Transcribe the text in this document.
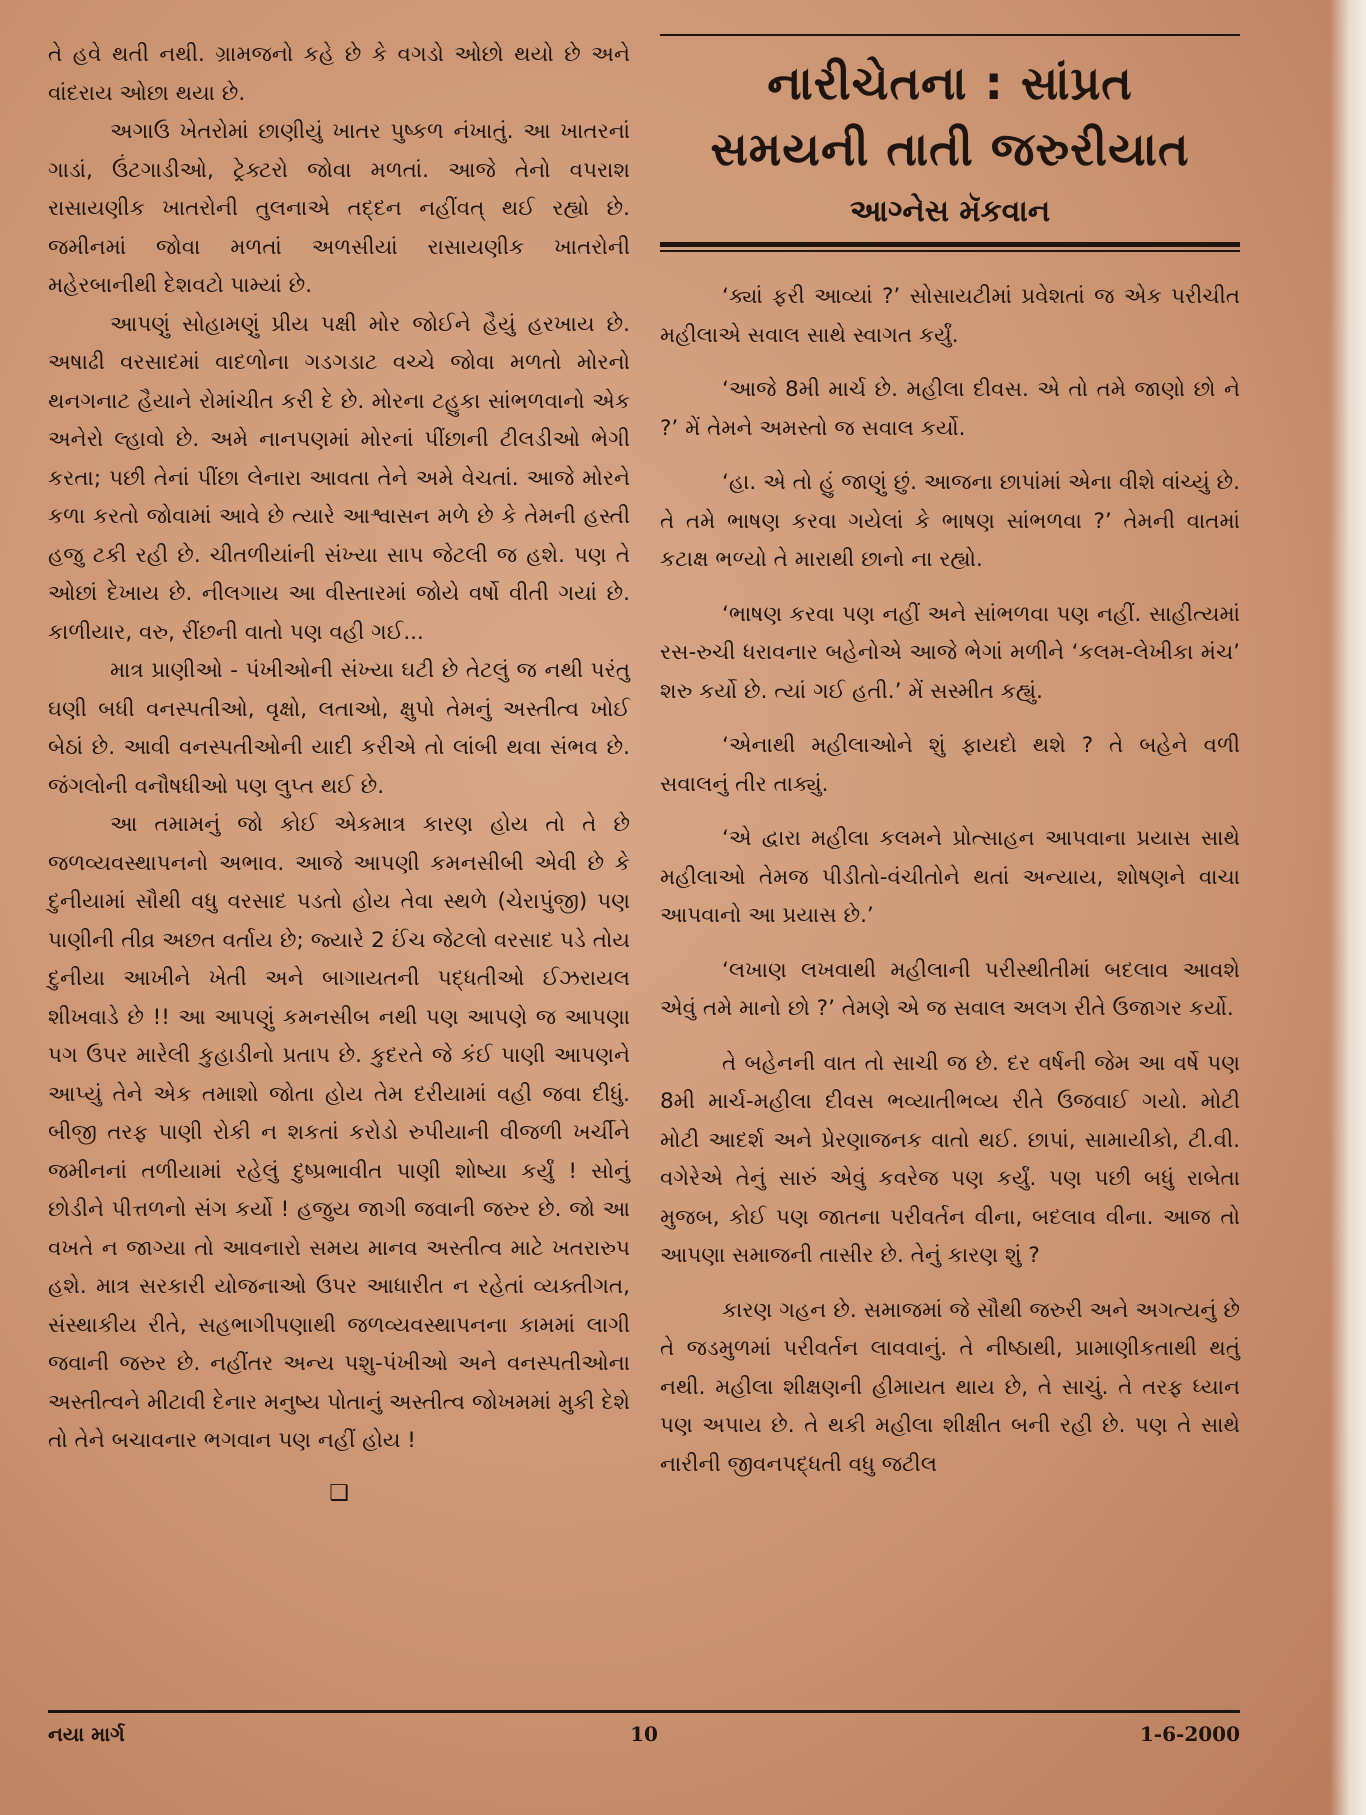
તે હવે થતી નથી. ગ્રામજનો કહે છે કે વગડો ઓછો થયો છે અને વાંદરાય ઓછા થયા છે.

અગાઉ ખેતરોમાં છાણીયું ખાતર પુષ્કળ નંખાતું. આ ખાતરનાં ગાડાં, ઉંટગાડીઓ, ટ્રેક્ટરો જોવા મળતાં. આજે તેનો વપરાશ રાસાયણીક ખાતરોની તુલનાએ તદ્દન નહીંવત્ થઈ રહ્યો છે. જમીનમાં જોવા મળતાં અળસીયાં રાસાયણીક ખાતરોની મહેરબાનીથી દેશવટો પામ્યાં છે.

આપણું સોહામણું પ્રીય પક્ષી મોર જોઈને હૈયું હરખાય છે. અષાઢી વરસાદમાં વાદળોના ગડગડાટ વચ્ચે જોવા મળતો મોરનો થનગનાટ હૈયાને રોમાંચીત કરી દે છે. મોરના ટહુકા સાંભળવાનો એક અનેરો લ્હાવો છે. અમે નાનપણમાં મોરનાં પીંછાની ટીલડીઓ ભેગી કરતા; પછી તેનાં પીંછા લેનારા આવતા તેને અમે વેચતાં. આજે મોરને કળા કરતો જોવામાં આવે છે ત્યારે આશ્વાસન મળે છે કે તેમની હસ્તી હજુ ટકી રહી છે. ચીતળીયાંની સંખ્યા સાપ જેટલી જ હશે. પણ તે ઓછાં દેખાય છે. નીલગાય આ વીસ્તારમાં જોયે વર્ષો વીતી ગયાં છે. કાળીયાર, વરુ, રીંછની વાતો પણ વહી ગઈ...

માત્ર પ્રાણીઓ - પંખીઓની સંખ્યા ઘટી છે તેટલું જ નથી પરંતુ ઘણી બધી વનસ્પતીઓ, વૃક્ષો, લતાઓ, ક્ષુપો તેમનું અસ્તીત્વ ખોઈ બેઠાં છે. આવી વનસ્પતીઓની યાદી કરીએ તો લાંબી થવા સંભવ છે. જંગલોની વનૌષધીઓ પણ લુપ્ત થઈ છે.

આ તમામનું જો કોઈ એકમાત્ર કારણ હોય તો તે છે જળવ્યવસ્થાપનનો અભાવ. આજે આપણી કમનસીબી એવી છે કે દુનીયામાં સૌથી વધુ વરસાદ પડતો હોય તેવા સ્થળે (ચેરાપુંજી) પણ પાણીની તીવ્ર અછત વર્તાય છે; જ્યારે 2 ઈંચ જેટલો વરસાદ પડે તોય દુનીયા આખીને ખેતી અને બાગાયતની પદ્ધતીઓ ઈઝરાયલ શીખવાડે છે !! આ આપણું કમનસીબ નથી પણ આપણે જ આપણા પગ ઉપર મારેલી કુહાડીનો પ્રતાપ છે. કુદરતે જે કંઈ પાણી આપણને આપ્યું તેને એક તમાશો જોતા હોય તેમ દરીયામાં વહી જવા દીધું. બીજી તરફ પાણી રોકી ન શકતાં કરોડો રુપીયાની વીજળી ખર્ચીને જમીનનાં તળીયામાં રહેલું દુષ્પ્રભાવીત પાણી શોષ્યા કર્યું ! સોનું છોડીને પીત્તળનો સંગ કર્યો ! હજુય જાગી જવાની જરુર છે. જો આ વખતે ન જાગ્યા તો આવનારો સમય માનવ અસ્તીત્વ માટે ખતરારુપ હશે. માત્ર સરકારી યોજનાઓ ઉપર આધારીત ન રહેતાં વ્યક્તીગત, સંસ્થાકીય રીતે, સહભાગીપણાથી જળવ્યવસ્થાપનના કામમાં લાગી જવાની જરુર છે. નહીંતર અન્ય પશુ-પંખીઓ અને વનસ્પતીઓના અસ્તીત્વને મીટાવી દેનાર મનુષ્ય પોતાનું અસ્તીત્વ જોખમમાં મુકી દેશે તો તેને બચાવનાર ભગવાન પણ નહીં હોય !

❑
નારીચેતના : સાંપ્રત
સમયની તાતી જરુરીયાત
આગ્નેસ મૅકવાન

‘ક્યાં ફરી આવ્યાં ?’ સોસાયટીમાં પ્રવેશતાં જ એક પરીચીત મહીલાએ સવાલ સાથે સ્વાગત કર્યું.

‘આજે 8મી માર્ચ છે. મહીલા દીવસ. એ તો તમે જાણો છો ને ?’ મેં તેમને અમસ્તો જ સવાલ કર્યો.

‘હા. એ તો હું જાણું છું. આજના છાપાંમાં એના વીશે વાંચ્યું છે. તે તમે ભાષણ કરવા ગયેલાં કે ભાષણ સાંભળવા ?’ તેમની વાતમાં કટાક્ષ ભળ્યો તે મારાથી છાનો ના રહ્યો.

‘ભાષણ કરવા પણ નહીં અને સાંભળવા પણ નહીં. સાહીત્યમાં રસ-રુચી ધરાવનાર બહેનોએ આજે ભેગાં મળીને ‘કલમ-લેખીકા મંચ’ શરુ કર્યો છે. ત્યાં ગઈ હતી.’ મેં સસ્મીત કહ્યું.

‘એનાથી મહીલાઓને શું ફાયદો થશે ? તે બહેને વળી સવાલનું તીર તાક્યું.

‘એ દ્વારા મહીલા કલમને પ્રોત્સાહન આપવાના પ્રયાસ સાથે મહીલાઓ તેમજ પીડીતો-વંચીતોને થતાં અન્યાય, શોષણને વાચા આપવાનો આ પ્રયાસ છે.’

‘લખાણ લખવાથી મહીલાની પરીસ્થીતીમાં બદલાવ આવશે એવું તમે માનો છો ?’ તેમણે એ જ સવાલ અલગ રીતે ઉજાગર કર્યો.

તે બહેનની વાત તો સાચી જ છે. દર વર્ષની જેમ આ વર્ષે પણ 8મી માર્ચ-મહીલા દીવસ ભવ્યાતીભવ્ય રીતે ઉજવાઈ ગયો. મોટી મોટી આદર્શ અને પ્રેરણાજનક વાતો થઈ. છાપાં, સામાયીકો, ટી.વી. વગેરેએ તેનું સારું એવું કવરેજ પણ કર્યું. પણ પછી બધું રાબેતા મુજબ, કોઈ પણ જાતના પરીવર્તન વીના, બદલાવ વીના. આજ તો આપણા સમાજની તાસીર છે. તેનું કારણ શું ?

કારણ ગહન છે. સમાજમાં જે સૌથી જરુરી અને અગત્યનું છે તે જડમુળમાં પરીવર્તન લાવવાનું. તે નીષ્ઠાથી, પ્રામાણીકતાથી થતું નથી. મહીલા શીક્ષણની હીમાયત થાય છે, તે સાચું. તે તરફ ધ્યાન પણ અપાય છે. તે થકી મહીલા શીક્ષીત બની રહી છે. પણ તે સાથે નારીની જીવનપદ્ધતી વધુ જટીલ

નયા માર્ગ	10	1-6-2000
